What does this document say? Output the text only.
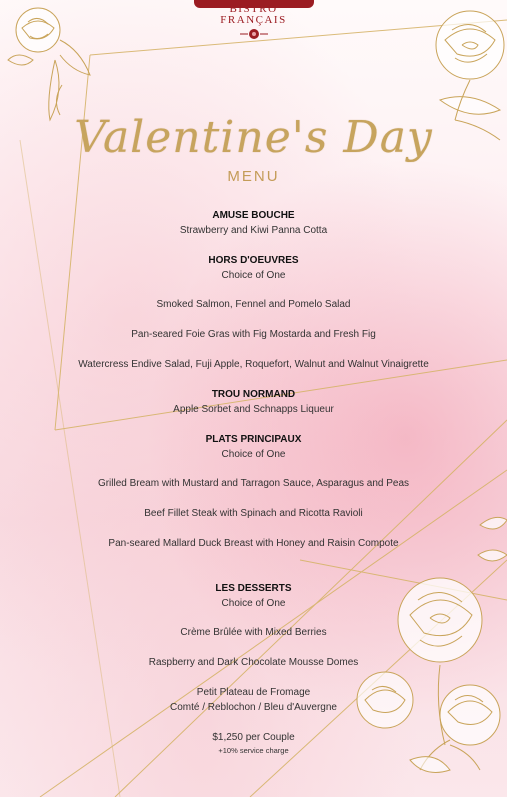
BISTRO
FRANÇAIS
Valentine's Day
MENU
AMUSE BOUCHE
Strawberry and Kiwi Panna Cotta
HORS D'OEUVRES
Choice of One
Smoked Salmon, Fennel and Pomelo Salad
Pan-seared Foie Gras with Fig Mostarda and Fresh Fig
Watercress Endive Salad, Fuji Apple, Roquefort, Walnut and Walnut Vinaigrette
TROU NORMAND
Apple Sorbet and Schnapps Liqueur
PLATS PRINCIPAUX
Choice of One
Grilled Bream with Mustard and Tarragon Sauce, Asparagus and Peas
Beef Fillet Steak with Spinach and Ricotta Ravioli
Pan-seared Mallard Duck Breast with Honey and Raisin Compote
LES DESSERTS
Choice of One
Crème Brûlée with Mixed Berries
Raspberry and Dark Chocolate Mousse Domes
Petit Plateau de Fromage
Comté / Reblochon / Bleu d'Auvergne
$1,250 per Couple
+10% service charge
